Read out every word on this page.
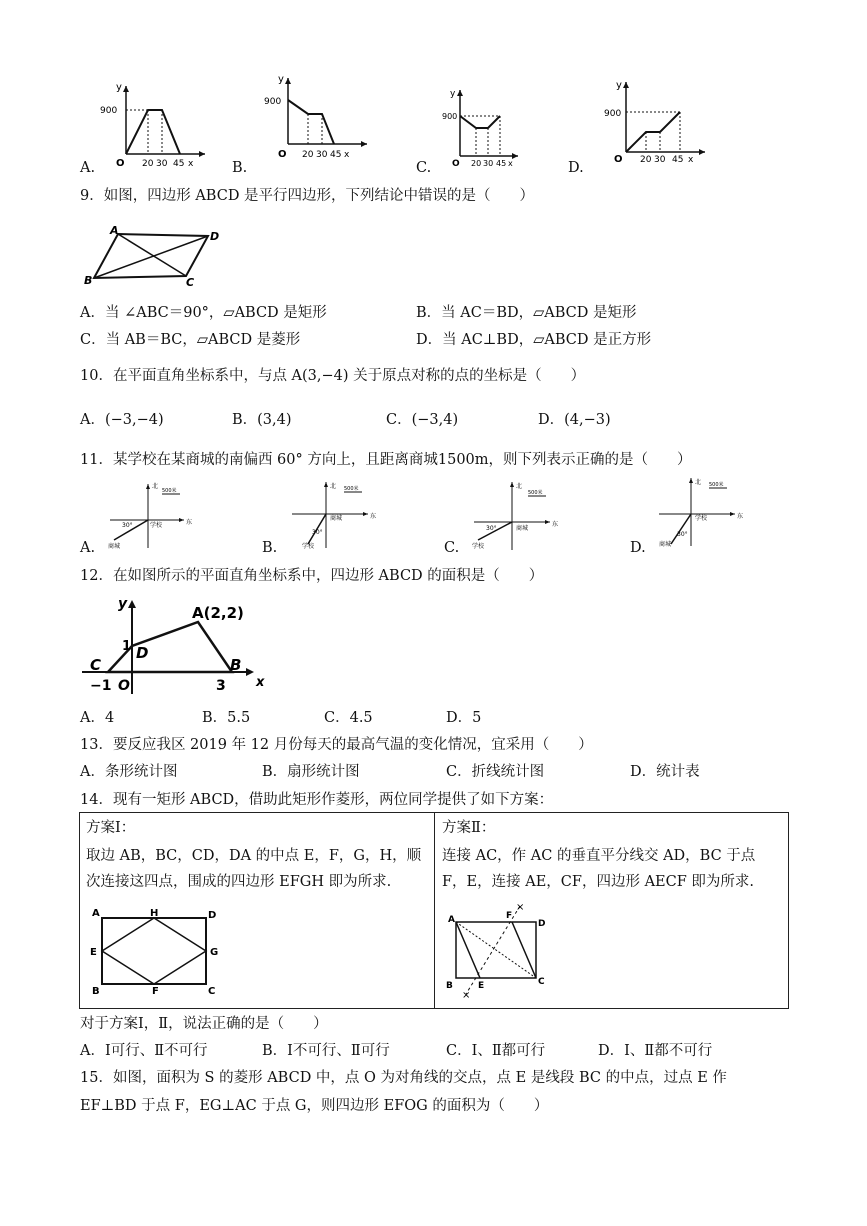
y
900
O 20 30 45 x
A.
y
900
O 20 30 45 x
B.
y
900
O 20 30 45 x
C.
y
900
O 20 30 45 x
D.
9．如图，四边形 ABCD 是平行四边形，下列结论中错误的是（　　）
A	D
B	C
A．当 ∠ABC＝90°，▱ABCD 是矩形	B．当 AC＝BD，▱ABCD 是矩形
C．当 AB＝BC，▱ABCD 是菱形	D．当 AC⊥BD，▱ABCD 是正方形
10．在平面直角坐标系中，与点 A(3,−4) 关于原点对称的点的坐标是（　　）
A．(−3,−4)	B．(3,4)	C．(−3,4)	D．(4,−3)
11．某学校在某商城的南偏西 60° 方向上，且距离商城1500m，则下列表示正确的是（　　）
北
东
500米
30°	学校
商城
A.
北
东
500米
30°
商城
学校
B.
北
东
500米
30°	商城
学校
C.
北
东
500米
学校
30°
商城
D.
12．在如图所示的平面直角坐标系中，四边形 ABCD 的面积是（　　）
y
x
A(2,2)
B
C
D
1
O
−1	3
A．4	B．5.5	C．4.5	D．5
13．要反应我区 2019 年 12 月份每天的最高气温的变化情况，宜采用（　　）
A．条形统计图	B．扇形统计图	C．折线统计图	D．统计表
14．现有一矩形 ABCD，借助此矩形作菱形，两位同学提供了如下方案：
方案Ⅰ：
取边 AB，BC，CD，DA 的中点 E，F，G，H，顺
次连接这四点，围成的四边形 EFGH 即为所求.
A	H	D
E	G
B	F	C
方案Ⅱ：
连接 AC，作 AC 的垂直平分线交 AD，BC 于点
F，E，连接 AE，CF，四边形 AECF 即为所求.
×
×
A	F
D
B	E	C
对于方案Ⅰ，Ⅱ，说法正确的是（　　）
A．Ⅰ可行、Ⅱ不可行	B．Ⅰ不可行、Ⅱ可行	C．Ⅰ、Ⅱ都可行	D．Ⅰ、Ⅱ都不可行
15．如图，面积为 S 的菱形 ABCD 中，点 O 为对角线的交点，点 E 是线段 BC 的中点，过点 E 作
EF⊥BD 于点 F，EG⊥AC 于点 G，则四边形 EFOG 的面积为（　　）
